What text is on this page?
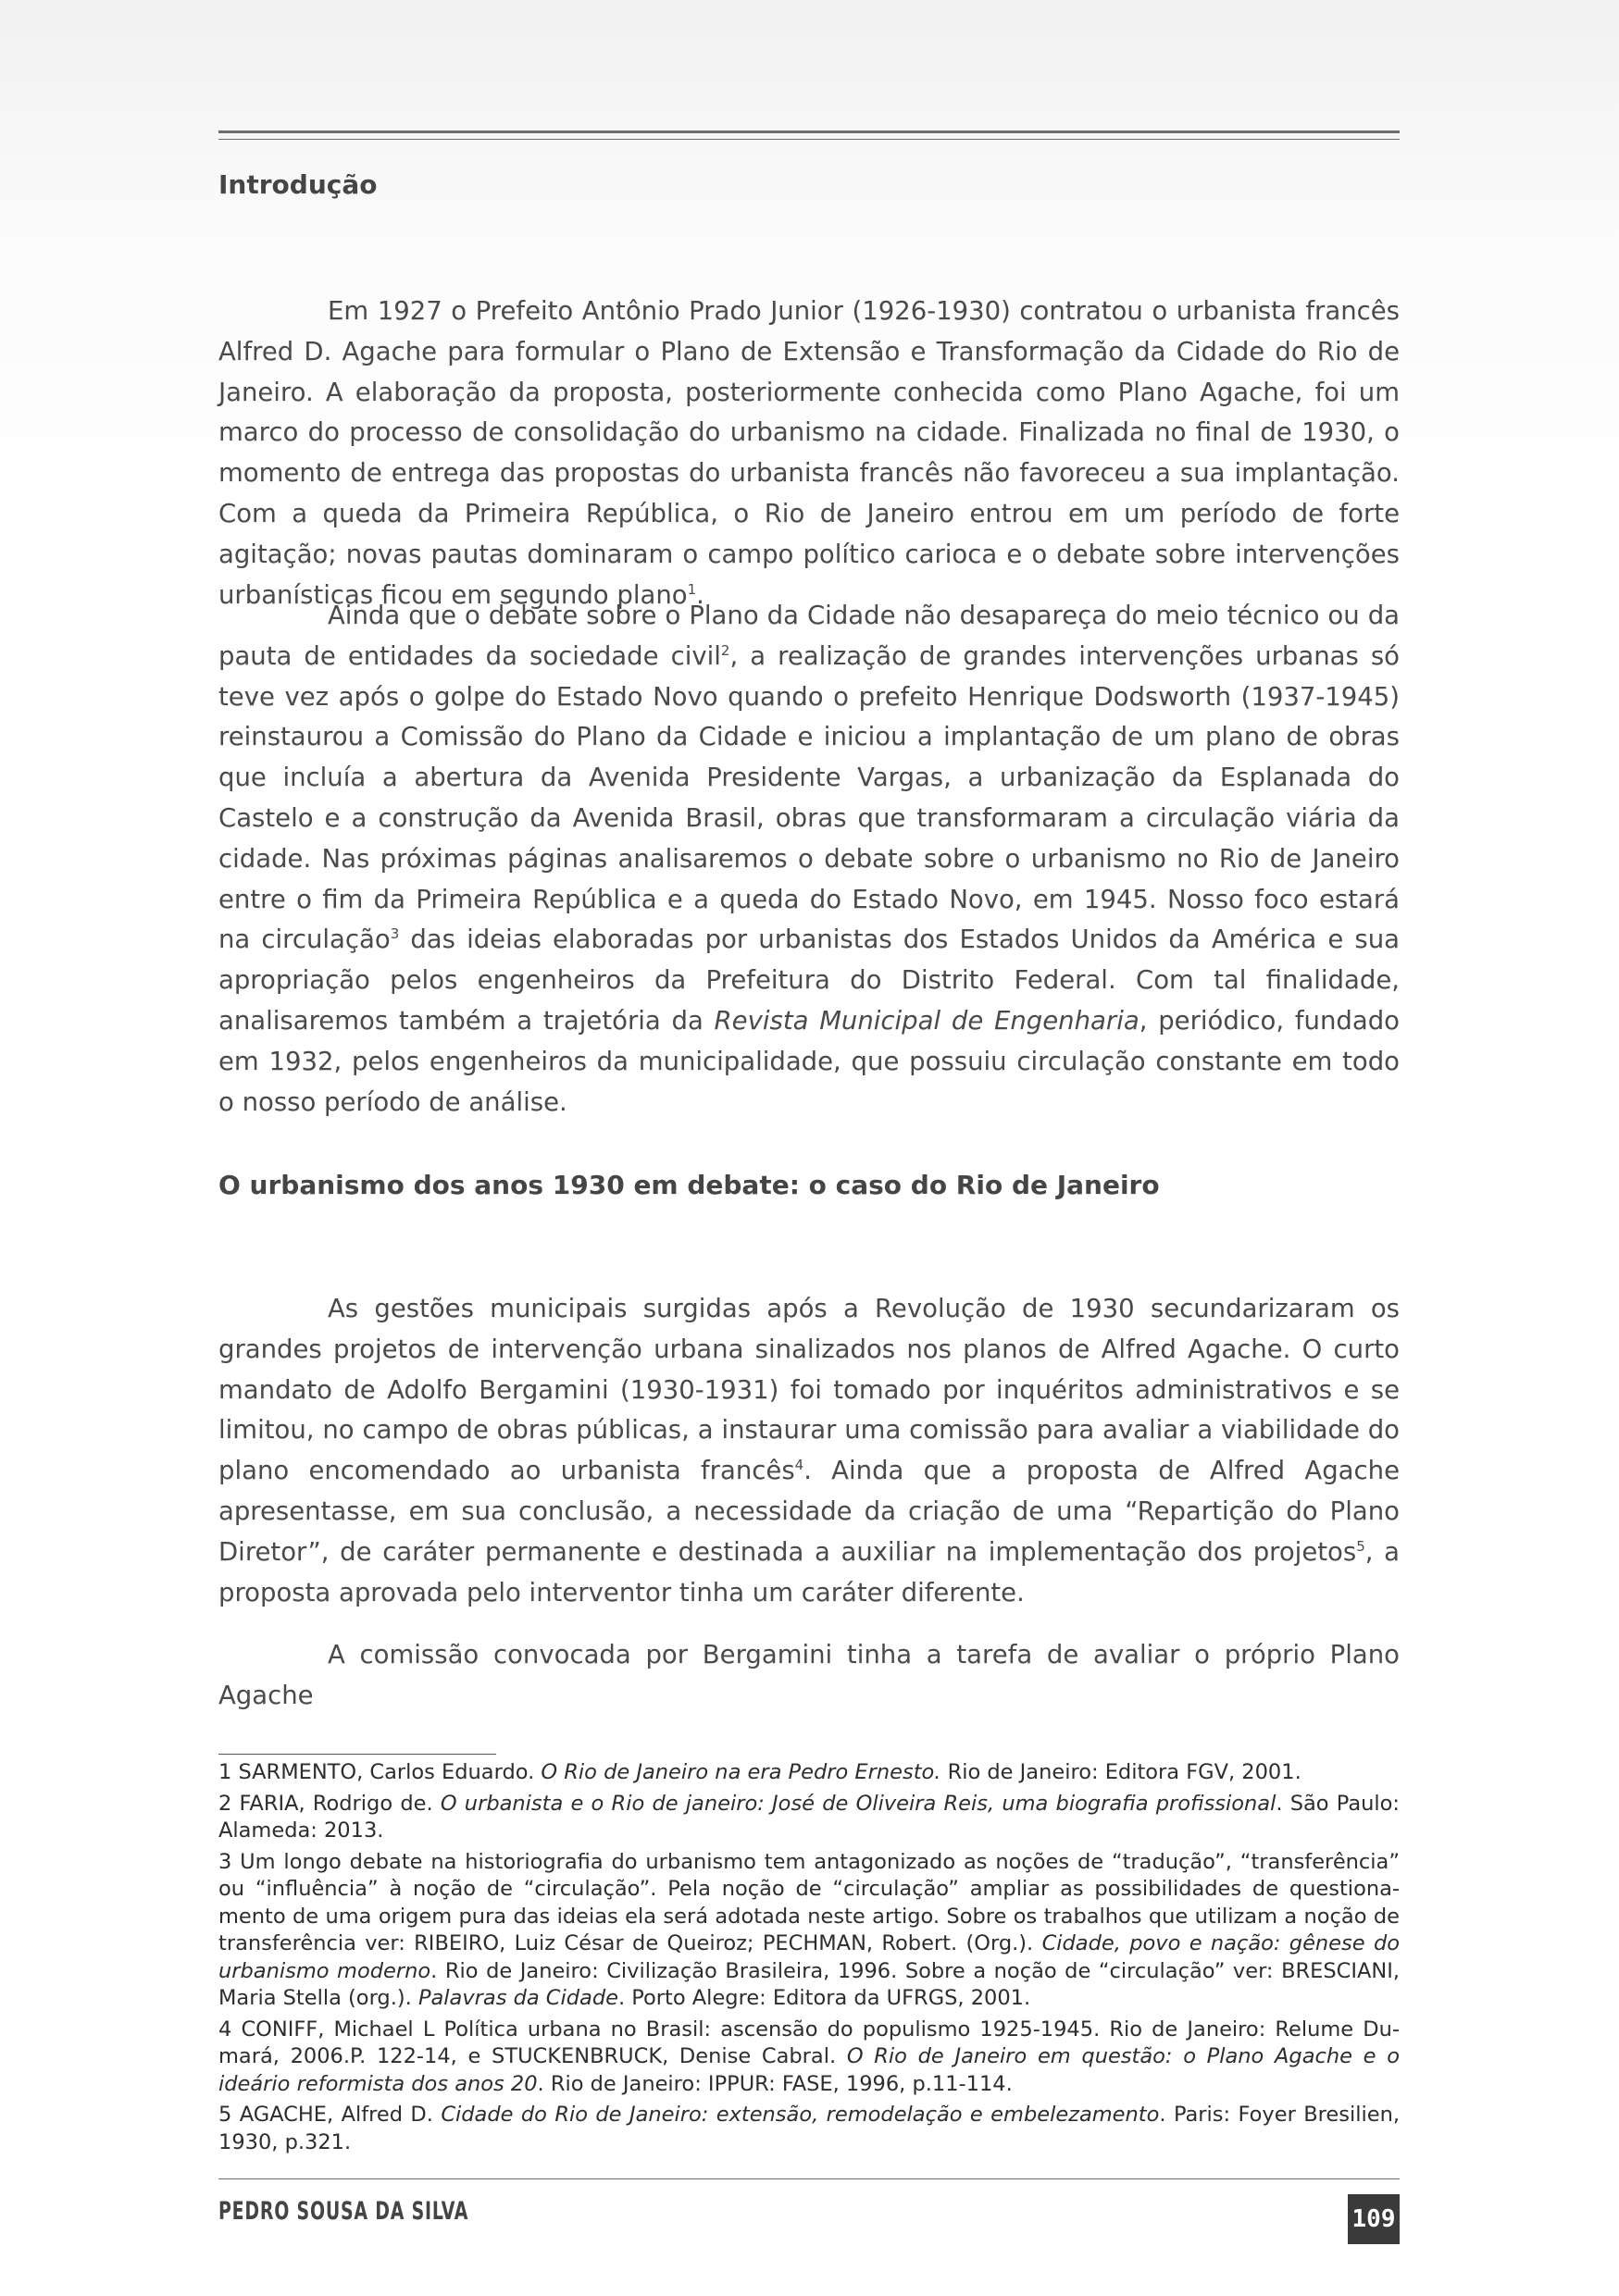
Introdução

Em 1927 o Prefeito Antônio Prado Junior (1926-1930) contratou o urbanista francês Alfred D. Agache para formular o Plano de Extensão e Transformação da Cidade do Rio de Janeiro. A elaboração da proposta, posteriormente conhecida como Plano Agache, foi um marco do processo de consolidação do urbanismo na cidade. Finalizada no final de 1930, o momento de entrega das propostas do urbanista francês não favoreceu a sua implantação. Com a queda da Primeira República, o Rio de Janeiro entrou em um período de forte agitação; novas pautas dominaram o campo político carioca e o debate sobre intervenções urbanísticas ficou em segundo plano$^1$.

Ainda que o debate sobre o Plano da Cidade não desapareça do meio técnico ou da pauta de entidades da sociedade civil$^2$, a realização de grandes intervenções urbanas só teve vez após o golpe do Estado Novo quando o prefeito Henrique Dodsworth (1937-1945) reinstaurou a Comissão do Plano da Cidade e iniciou a implantação de um plano de obras que incluía a abertura da Avenida Presidente Vargas, a urbanização da Esplanada do Castelo e a construção da Avenida Brasil, obras que transformaram a circulação viária da cidade. Nas próximas páginas analisaremos o debate sobre o urbanismo no Rio de Janeiro entre o fim da Primeira República e a queda do Estado Novo, em 1945. Nosso foco estará na circulação$^3$ das ideias elaboradas por urbanistas dos Estados Unidos da América e sua apropriação pelos engenheiros da Prefeitura do Distrito Federal. Com tal finalidade, analisaremos também a trajetória da Revista Municipal de Engenharia, periódico, fundado em 1932, pelos engenheiros da municipalidade, que possuiu circulação constante em todo o nosso período de análise.

O urbanismo dos anos 1930 em debate: o caso do Rio de Janeiro

As gestões municipais surgidas após a Revolução de 1930 secundarizaram os grandes projetos de intervenção urbana sinalizados nos planos de Alfred Agache. O curto mandato de Adolfo Bergamini (1930-1931) foi tomado por inquéritos administrativos e se limitou, no campo de obras públicas, a instaurar uma comissão para avaliar a viabilidade do plano encomendado ao urbanista francês$^4$. Ainda que a proposta de Alfred Agache apresentasse, em sua conclusão, a necessidade da criação de uma “Repartição do Plano Diretor”, de caráter permanente e destinada a auxiliar na implementação dos projetos$^5$, a proposta aprovada pelo interventor tinha um caráter diferente.

A comissão convocada por Bergamini tinha a tarefa de avaliar o próprio Plano Agache

1 SARMENTO, Carlos Eduardo. O Rio de Janeiro na era Pedro Ernesto. Rio de Janeiro: Editora FGV, 2001.

2 FARIA, Rodrigo de. O urbanista e o Rio de janeiro: José de Oliveira Reis, uma biografia profissional. São Paulo: Alameda: 2013.

3 Um longo debate na historiografia do urbanismo tem antagonizado as noções de “tradução”, “transferência” ou “influência” à noção de “circulação”. Pela noção de “circulação” ampliar as possibilidades de questiona-mento de uma origem pura das ideias ela será adotada neste artigo. Sobre os trabalhos que utilizam a noção de transferência ver: RIBEIRO, Luiz César de Queiroz; PECHMAN, Robert. (Org.). Cidade, povo e nação: gênese do urbanismo moderno. Rio de Janeiro: Civilização Brasileira, 1996. Sobre a noção de “circulação” ver: BRESCIANI, Maria Stella (org.). Palavras da Cidade. Porto Alegre: Editora da UFRGS, 2001.

4 CONIFF, Michael L Política urbana no Brasil: ascensão do populismo 1925-1945. Rio de Janeiro: Relume Du-mará, 2006.P. 122-14, e STUCKENBRUCK, Denise Cabral. O Rio de Janeiro em questão: o Plano Agache e o ideário reformista dos anos 20. Rio de Janeiro: IPPUR: FASE, 1996, p.11-114.

5 AGACHE, Alfred D. Cidade do Rio de Janeiro: extensão, remodelação e embelezamento. Paris: Foyer Bresilien, 1930, p.321.

PEDRO SOUSA DA SILVA	109
